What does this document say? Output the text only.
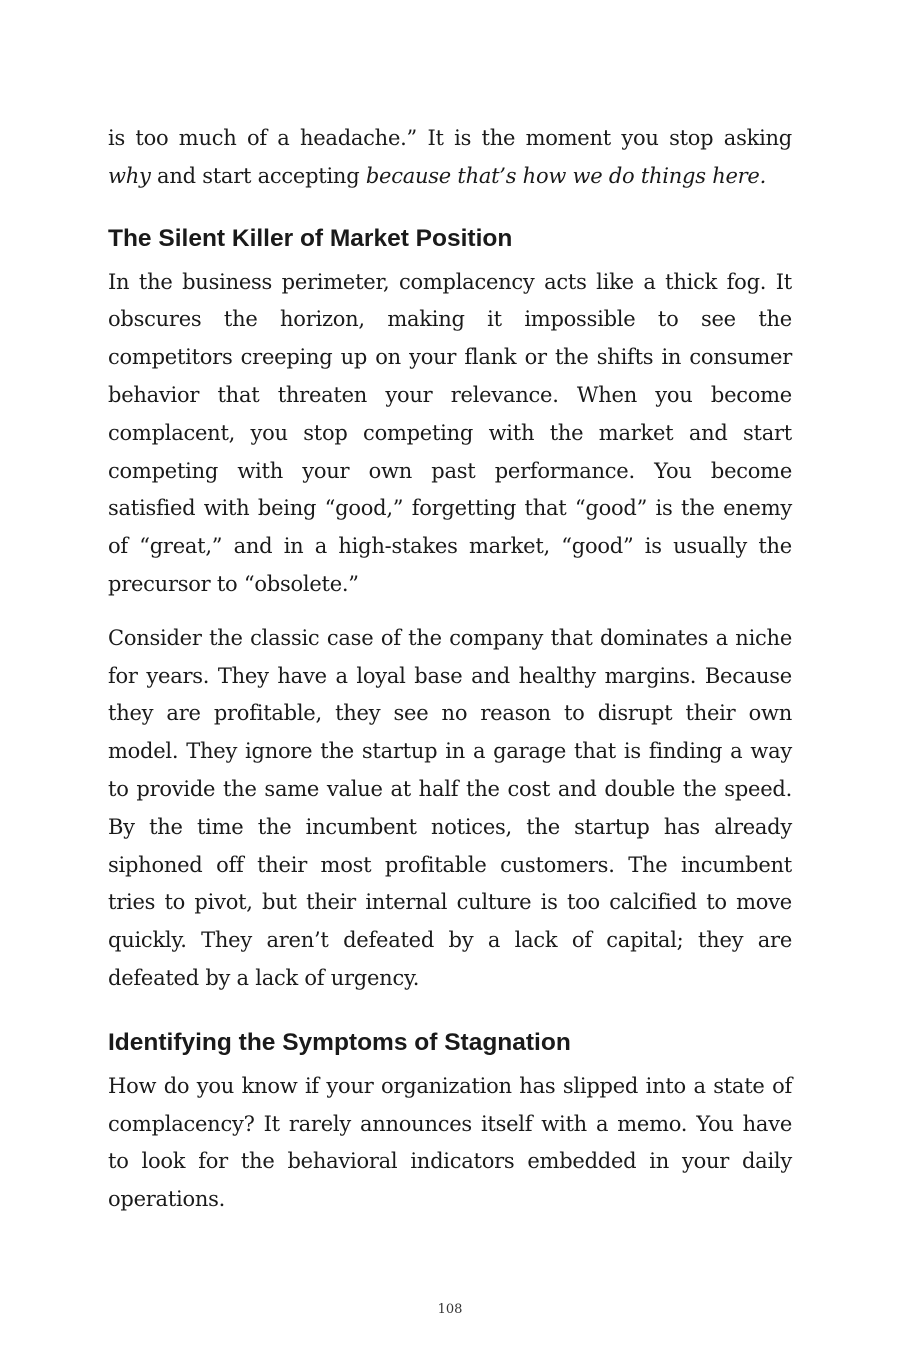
is too much of a headache.” It is the moment you stop asking why and start accepting because that’s how we do things here.

The Silent Killer of Market Position

In the business perimeter, complacency acts like a thick fog. It obscures the horizon, making it impossible to see the competitors creeping up on your flank or the shifts in consumer behavior that threaten your relevance. When you become complacent, you stop competing with the market and start competing with your own past performance. You become satisfied with being “good,” forgetting that “good” is the enemy of “great,” and in a high-stakes market, “good” is usually the precursor to “obsolete.”

Consider the classic case of the company that dominates a niche for years. They have a loyal base and healthy margins. Because they are profitable, they see no reason to disrupt their own model. They ignore the startup in a garage that is finding a way to provide the same value at half the cost and double the speed. By the time the incumbent notices, the startup has already siphoned off their most profitable customers. The incumbent tries to pivot, but their internal culture is too calcified to move quickly. They aren’t defeated by a lack of capital; they are defeated by a lack of urgency.

Identifying the Symptoms of Stagnation

How do you know if your organization has slipped into a state of complacency? It rarely announces itself with a memo. You have to look for the behavioral indicators embedded in your daily operations.

108
